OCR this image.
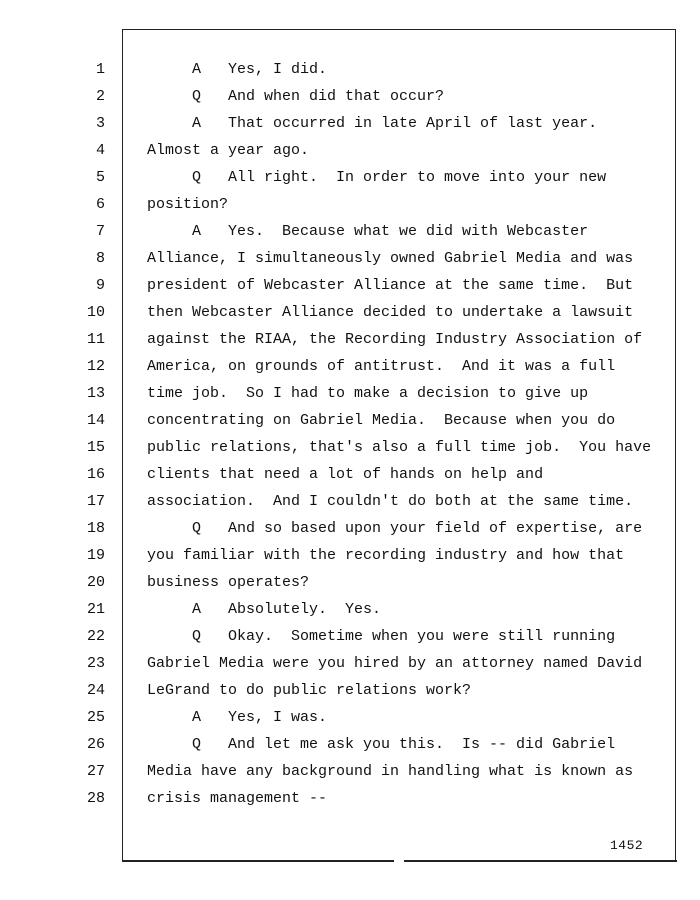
1
2
3
4
5
6
7
8
9
10
11
12
13
14
15
16
17
18
19
20
21
22
23
24
25
26
27
28
A   Yes, I did.
Q   And when did that occur?
A   That occurred in late April of last year.
Almost a year ago.
Q   All right.  In order to move into your new
position?
A   Yes.  Because what we did with Webcaster
Alliance, I simultaneously owned Gabriel Media and was
president of Webcaster Alliance at the same time.  But
then Webcaster Alliance decided to undertake a lawsuit
against the RIAA, the Recording Industry Association of
America, on grounds of antitrust.  And it was a full
time job.  So I had to make a decision to give up
concentrating on Gabriel Media.  Because when you do
public relations, that's also a full time job.  You have
clients that need a lot of hands on help and
association.  And I couldn't do both at the same time.
Q   And so based upon your field of expertise, are
you familiar with the recording industry and how that
business operates?
A   Absolutely.  Yes.
Q   Okay.  Sometime when you were still running
Gabriel Media were you hired by an attorney named David
LeGrand to do public relations work?
A   Yes, I was.
Q   And let me ask you this.  Is -- did Gabriel
Media have any background in handling what is known as
crisis management --
1452
